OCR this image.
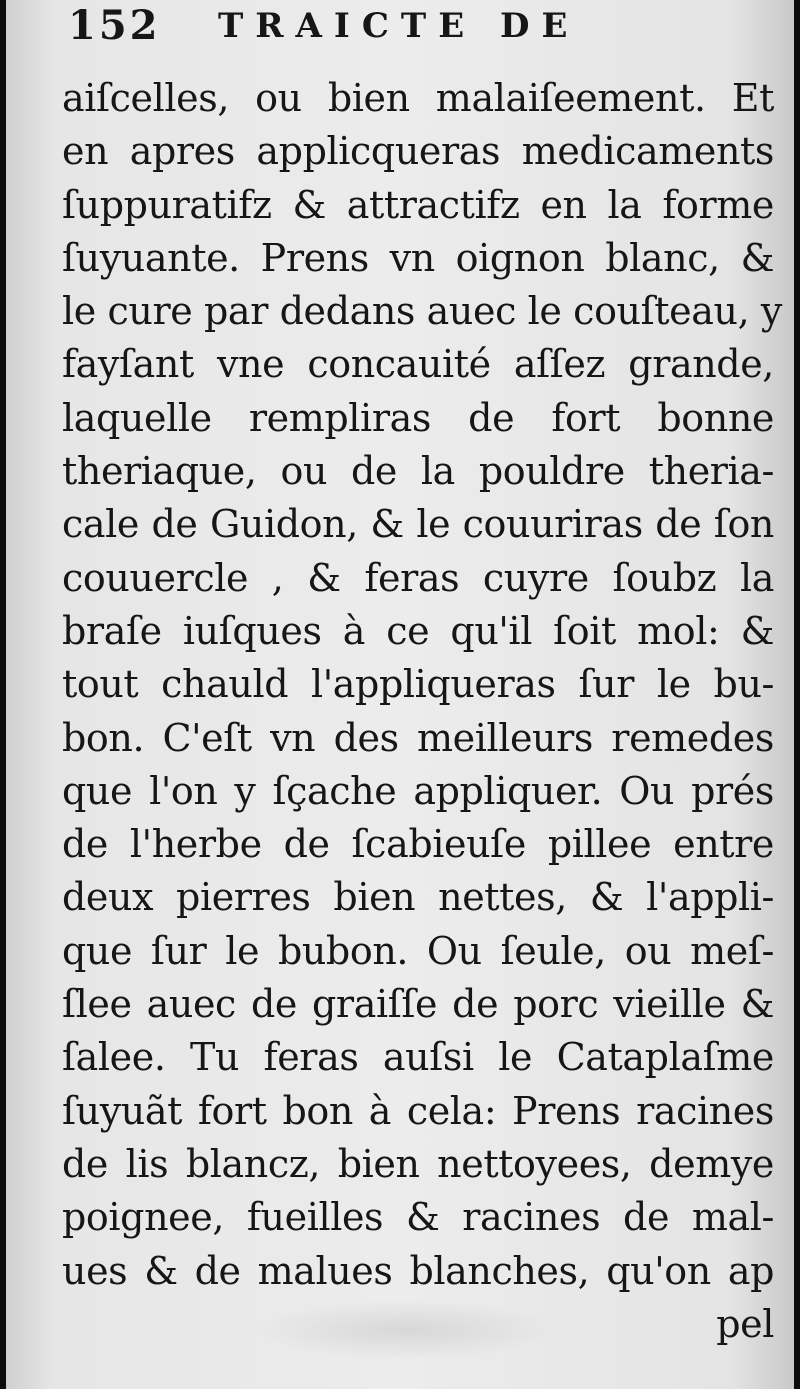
152 TRAICTE DE
aiſcelles, ou bien malaiſeement. Et
en apres applicqueras medicaments
ſuppuratifz & attractifz en la forme
ſuyuante. Prens vn oignon blanc, &
le cure par dedans auec le couſteau, y
fayſant vne concauité aſſez grande,
laquelle rempliras de fort bonne
theriaque, ou de la pouldre theria-
cale de Guidon, & le couuriras de ſon
couuercle , & feras cuyre ſoubz la
braſe iuſques à ce qu'il ſoit mol: &
tout chauld l'appliqueras ſur le bu-
bon. C'eſt vn des meilleurs remedes
que l'on y ſçache appliquer. Ou prés
de l'herbe de ſcabieuſe pillee entre
deux pierres bien nettes, & l'appli-
que ſur le bubon. Ou ſeule, ou meſ-
ſlee auec de graiſſe de porc vieille &
ſalee. Tu feras auſsi le Cataplaſme
ſuyuãt fort bon à cela: Prens racines
de lis blancz, bien nettoyees, demye
poignee, fueilles & racines de mal-
ues & de malues blanches, qu'on ap
pel
